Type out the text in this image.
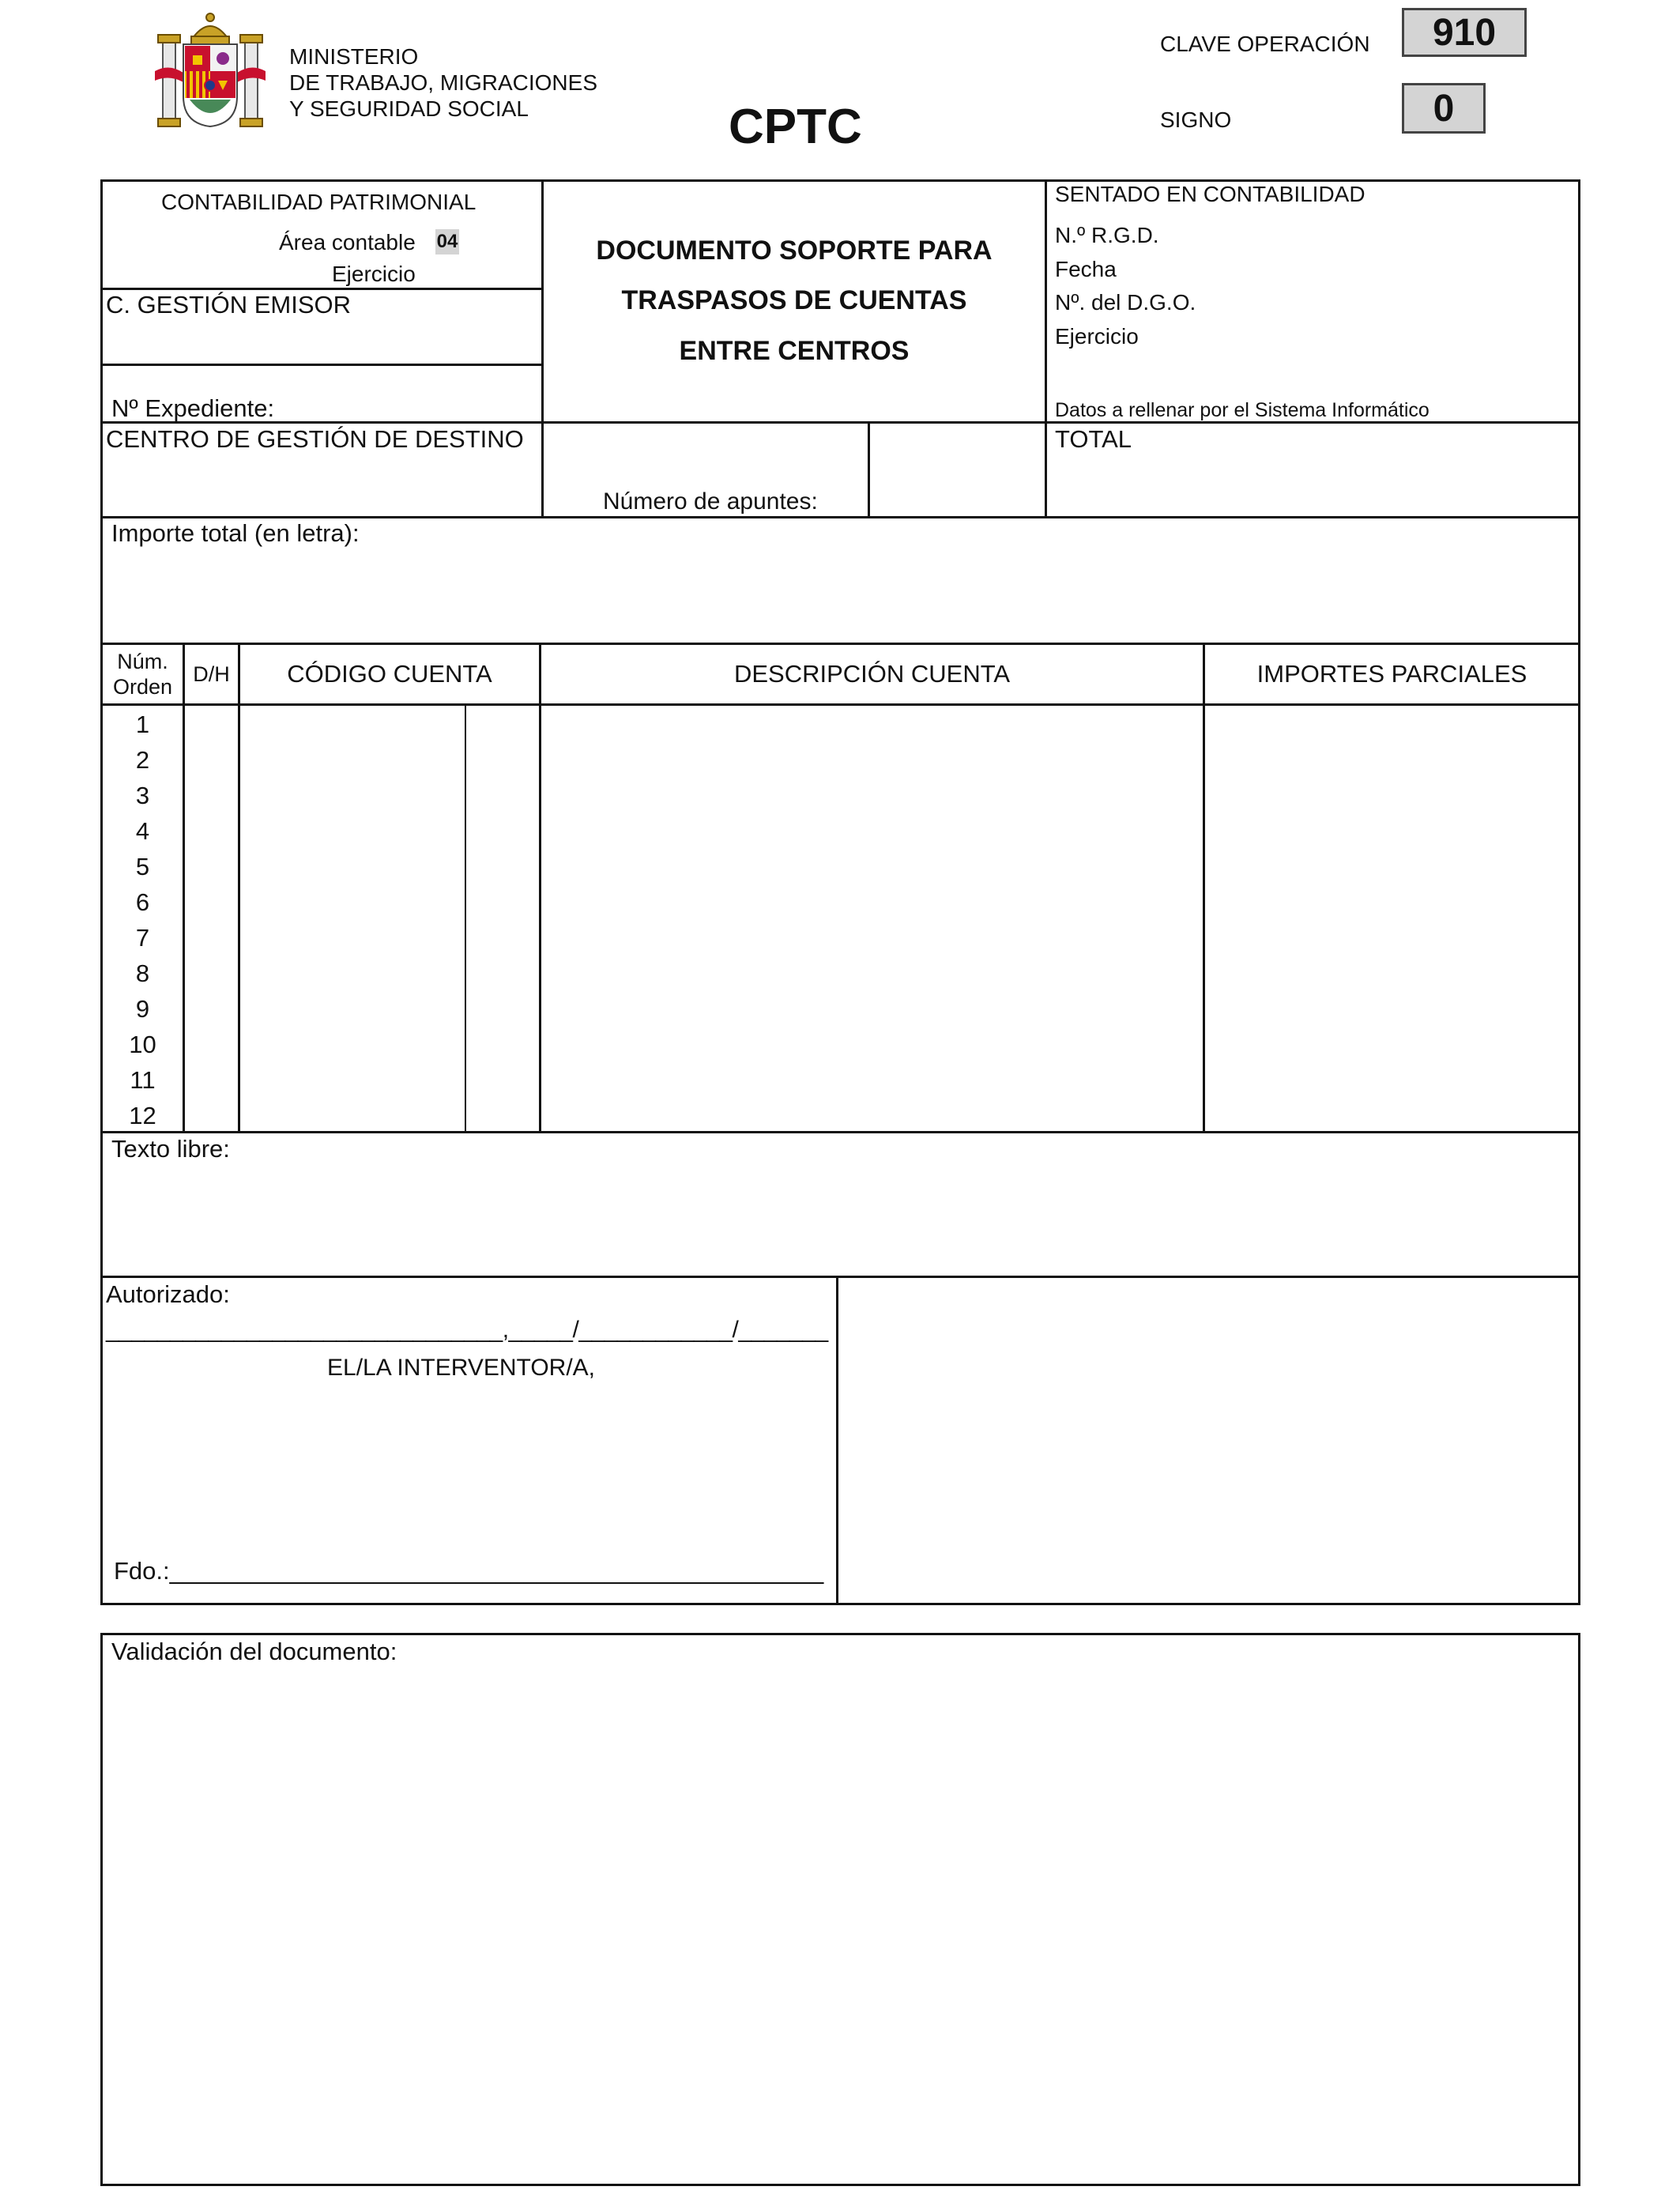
MINISTERIO
DE TRABAJO, MIGRACIONES
Y SEGURIDAD SOCIAL	CPTC
CLAVE OPERACIÓN	910
SIGNO	0
CONTABILIDAD PATRIMONIAL
Área contable 04
Ejercicio
C. GESTIÓN EMISOR
Nº Expediente:
DOCUMENTO SOPORTE PARA
TRASPASOS DE CUENTAS
ENTRE CENTROS
SENTADO EN CONTABILIDAD
N.º R.G.D.
Fecha
Nº. del D.G.O.
Ejercicio
Datos a rellenar por el Sistema Informático
CENTRO DE GESTIÓN DE DESTINO
Número de apuntes:
TOTAL
Importe total (en letra):
Núm.
Orden
D/H	CÓDIGO CUENTA	DESCRIPCIÓN CUENTA	IMPORTES PARCIALES
1
2
3
4
5
6
7
8
9
10
11
12
Texto libre:
Autorizado:
_______________________________,_____/____________/_______
EL/LA INTERVENTOR/A,
Fdo.:________________________________________________
Validación del documento:
